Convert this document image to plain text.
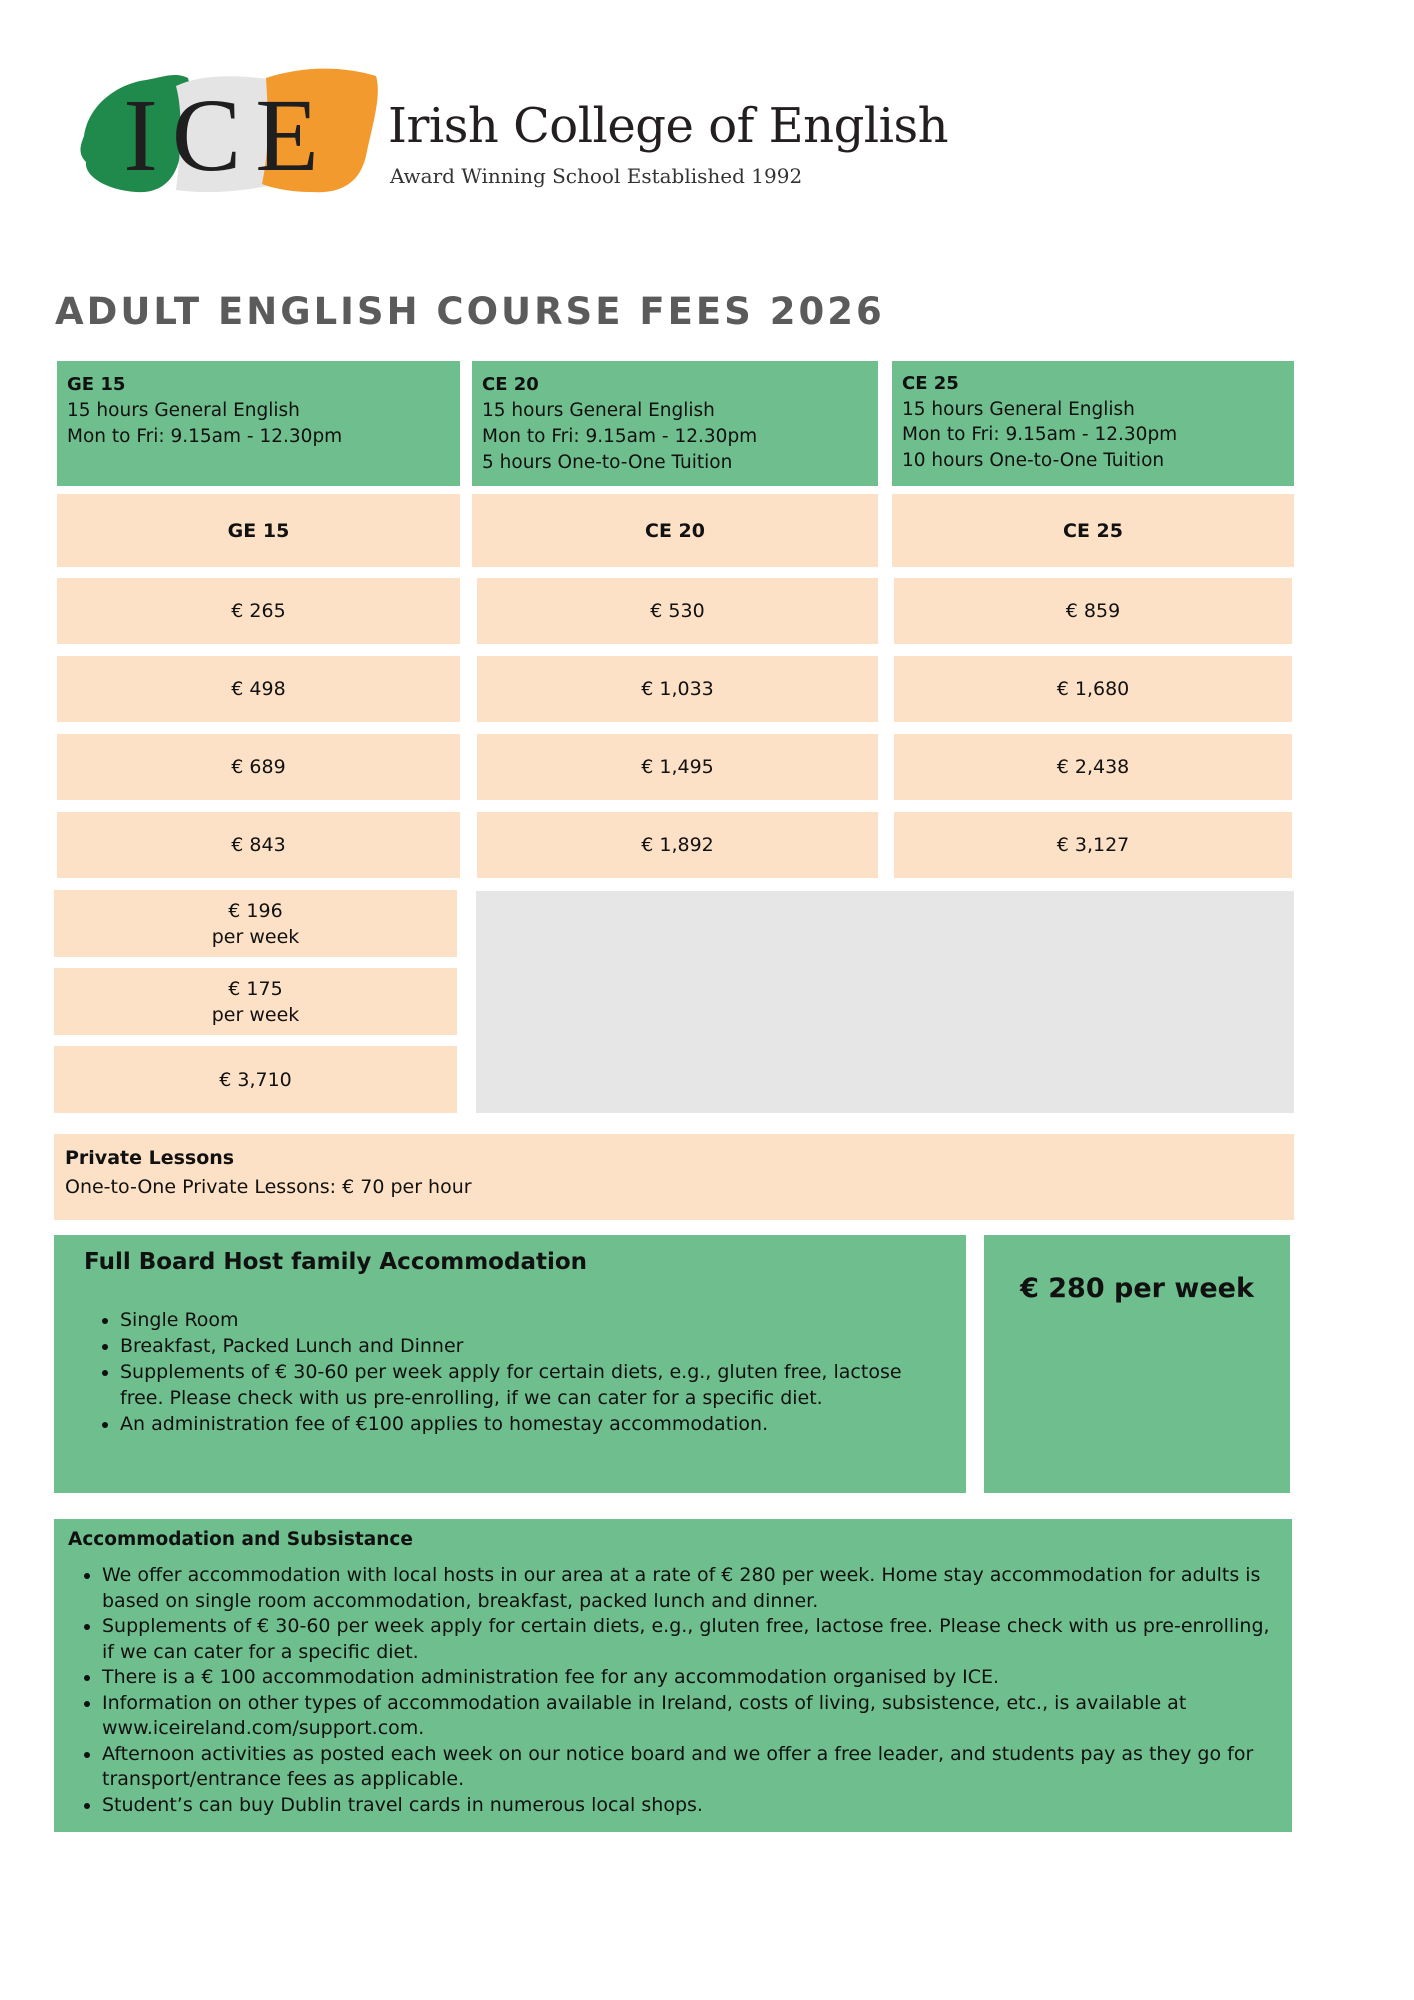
ICE Irish College of English
Award Winning School Established 1992
ADULT ENGLISH COURSE FEES 2026
GE 15
15 hours General English
Mon to Fri: 9.15am - 12.30pm
CE 20
15 hours General English
Mon to Fri: 9.15am - 12.30pm
5 hours One-to-One Tuition
CE 25
15 hours General English
Mon to Fri: 9.15am - 12.30pm
10 hours One-to-One Tuition
GE 15	CE 20	CE 25
€ 265	€ 530	€ 859
€ 498	€ 1,033	€ 1,680
€ 689	€ 1,495	€ 2,438
€ 843	€ 1,892	€ 3,127
€ 196
per week
€ 175
per week
€ 3,710
Private Lessons
One-to-One Private Lessons: € 70 per hour
Full Board Host family Accommodation
• Single Room
• Breakfast, Packed Lunch and Dinner
• Supplements of € 30-60 per week apply for certain diets, e.g., gluten free, lactose free. Please check with us pre-enrolling, if we can cater for a specific diet.
• An administration fee of €100 applies to homestay accommodation.
€ 280 per week
Accommodation and Subsistance
• We offer accommodation with local hosts in our area at a rate of € 280 per week. Home stay accommodation for adults is based on single room accommodation, breakfast, packed lunch and dinner.
• Supplements of € 30-60 per week apply for certain diets, e.g., gluten free, lactose free. Please check with us pre-enrolling, if we can cater for a specific diet.
• There is a € 100 accommodation administration fee for any accommodation organised by ICE.
• Information on other types of accommodation available in Ireland, costs of living, subsistence, etc., is available at www.iceireland.com/support.com.
• Afternoon activities as posted each week on our notice board and we offer a free leader, and students pay as they go for transport/entrance fees as applicable.
• Student’s can buy Dublin travel cards in numerous local shops.
